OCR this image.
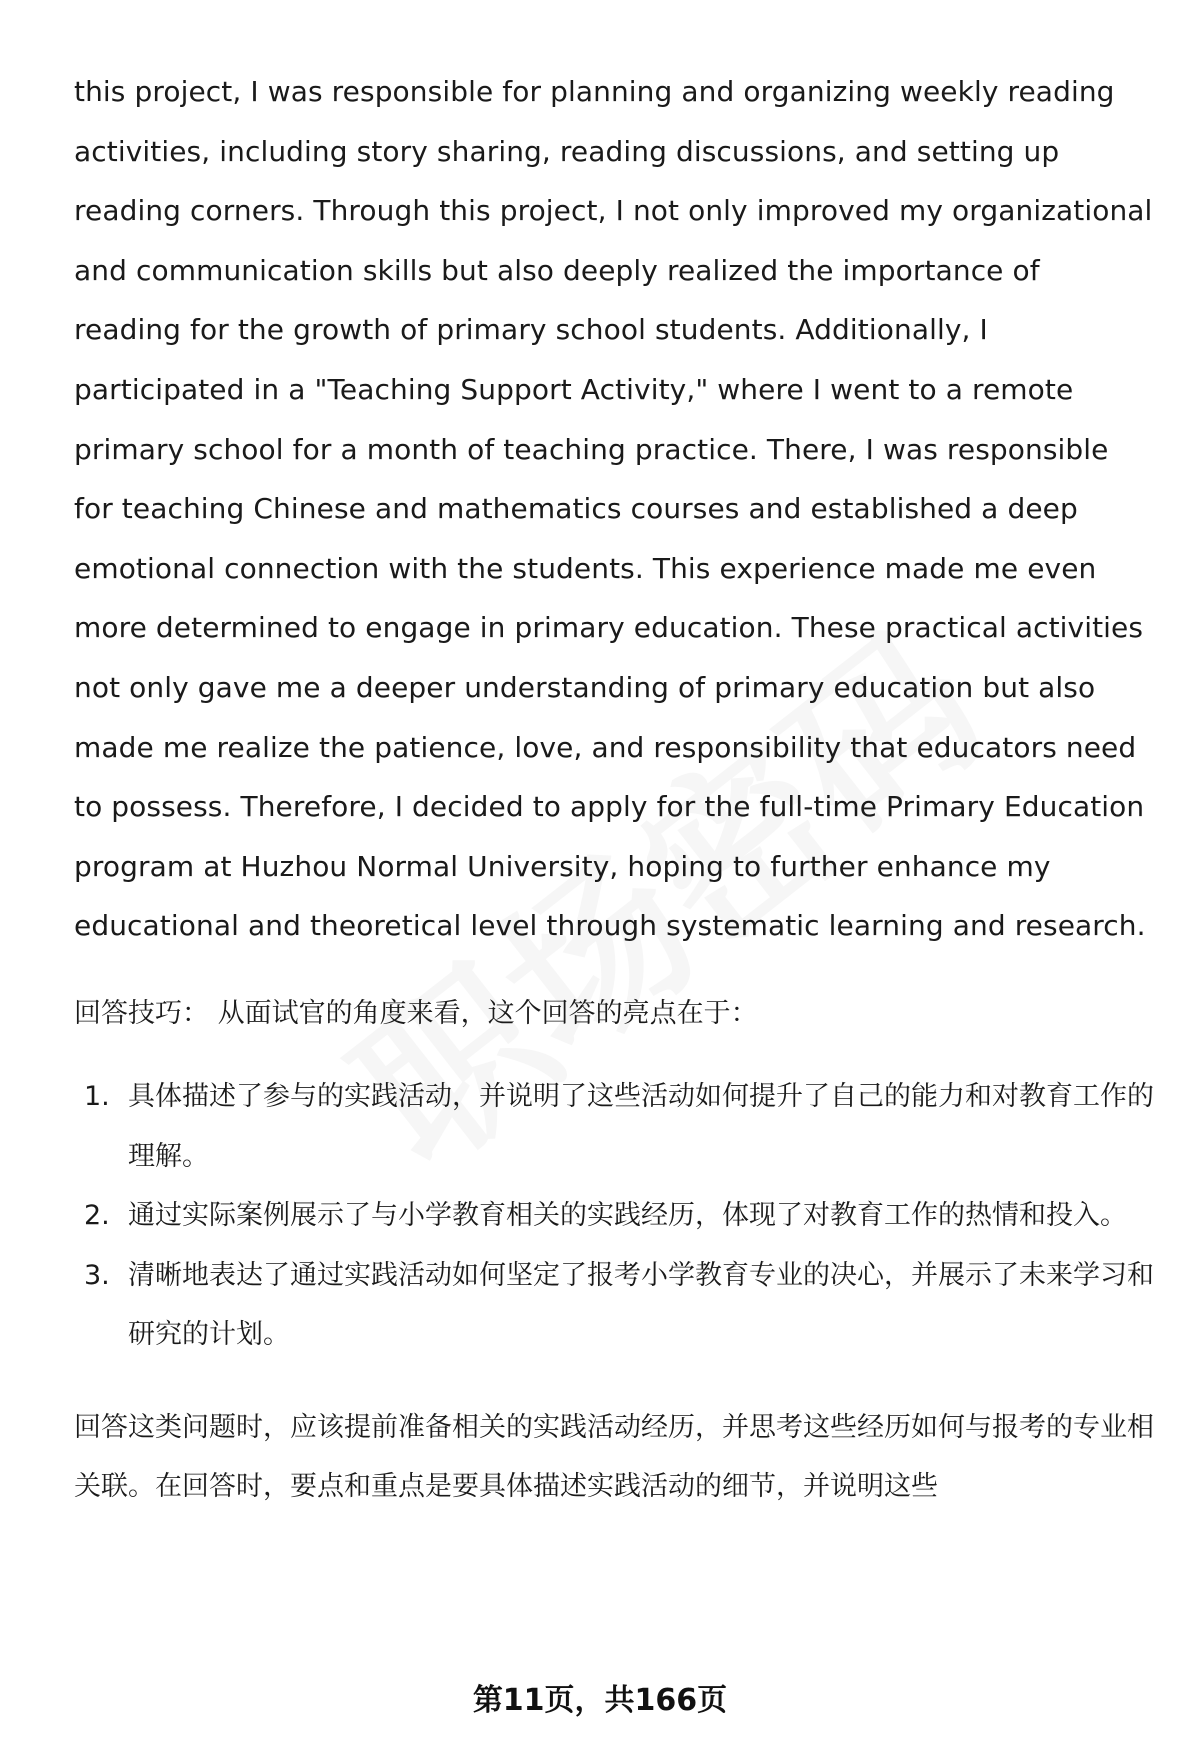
this project, I was responsible for planning and organizing weekly reading activities, including story sharing, reading discussions, and setting up reading corners. Through this project, I not only improved my organizational and communication skills but also deeply realized the importance of reading for the growth of primary school students. Additionally, I participated in a "Teaching Support Activity," where I went to a remote primary school for a month of teaching practice. There, I was responsible for teaching Chinese and mathematics courses and established a deep emotional connection with the students. This experience made me even more determined to engage in primary education. These practical activities not only gave me a deeper understanding of primary education but also made me realize the patience, love, and responsibility that educators need to possess. Therefore, I decided to apply for the full-time Primary Education program at Huzhou Normal University, hoping to further enhance my educational and theoretical level through systematic learning and research.

回答技巧： 从面试官的角度来看，这个回答的亮点在于：

1. 具体描述了参与的实践活动，并说明了这些活动如何提升了自己的能力和对教育工作的理解。
2. 通过实际案例展示了与小学教育相关的实践经历，体现了对教育工作的热情和投入。
3. 清晰地表达了通过实践活动如何坚定了报考小学教育专业的决心，并展示了未来学习和研究的计划。

回答这类问题时，应该提前准备相关的实践活动经历，并思考这些经历如何与报考的专业相关联。在回答时，要点和重点是要具体描述实践活动的细节，并说明这些

第11页，共166页
